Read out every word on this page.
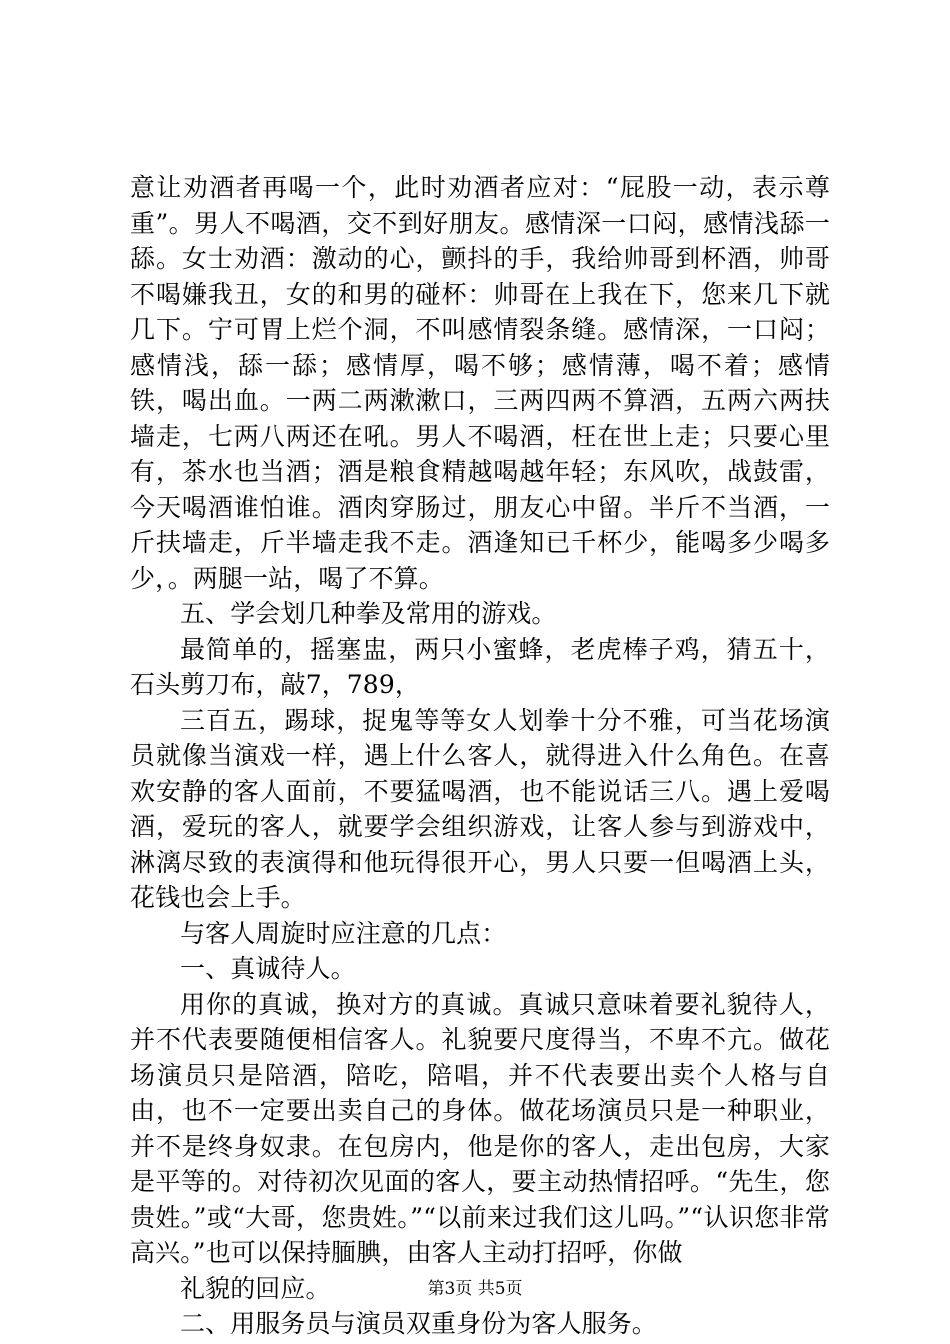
意让劝酒者再喝一个，此时劝酒者应对：“屁股一动，表示尊重”。男人不喝酒，交不到好朋友。感情深一口闷，感情浅舔一舔。女士劝酒：激动的心，颤抖的手，我给帅哥到杯酒，帅哥不喝嫌我丑，女的和男的碰杯：帅哥在上我在下，您来几下就几下。宁可胃上烂个洞，不叫感情裂条缝。感情深，一口闷；感情浅，舔一舔；感情厚，喝不够；感情薄，喝不着；感情铁，喝出血。一两二两漱漱口，三两四两不算酒，五两六两扶墙走，七两八两还在吼。男人不喝酒，枉在世上走；只要心里有，茶水也当酒；酒是粮食精越喝越年轻；东风吹，战鼓雷，今天喝酒谁怕谁。酒肉穿肠过，朋友心中留。半斤不当酒，一斤扶墙走，斤半墙走我不走。酒逢知已千杯少，能喝多少喝多少，。两腿一站，喝了不算。

五、学会划几种拳及常用的游戏。

最简单的，摇塞盅，两只小蜜蜂，老虎棒子鸡，猜五十，石头剪刀布，敲7，789，

三百五，踢球，捉鬼等等女人划拳十分不雅，可当花场演员就像当演戏一样，遇上什么客人，就得进入什么角色。在喜欢安静的客人面前，不要猛喝酒，也不能说话三八。遇上爱喝酒，爱玩的客人，就要学会组织游戏，让客人参与到游戏中，淋漓尽致的表演得和他玩得很开心，男人只要一但喝酒上头，花钱也会上手。

与客人周旋时应注意的几点：

一、真诚待人。

用你的真诚，换对方的真诚。真诚只意味着要礼貌待人，并不代表要随便相信客人。礼貌要尺度得当，不卑不亢。做花场演员只是陪酒，陪吃，陪唱，并不代表要出卖个人格与自由，也不一定要出卖自己的身体。做花场演员只是一种职业，并不是终身奴隶。在包房内，他是你的客人，走出包房，大家是平等的。对待初次见面的客人，要主动热情招呼。“先生，您贵姓。”或“大哥，您贵姓。”“以前来过我们这儿吗。”“认识您非常高兴。”也可以保持腼腆，由客人主动打招呼，你做

礼貌的回应。

二、用服务员与演员双重身份为客人服务。

第3页 共5页
